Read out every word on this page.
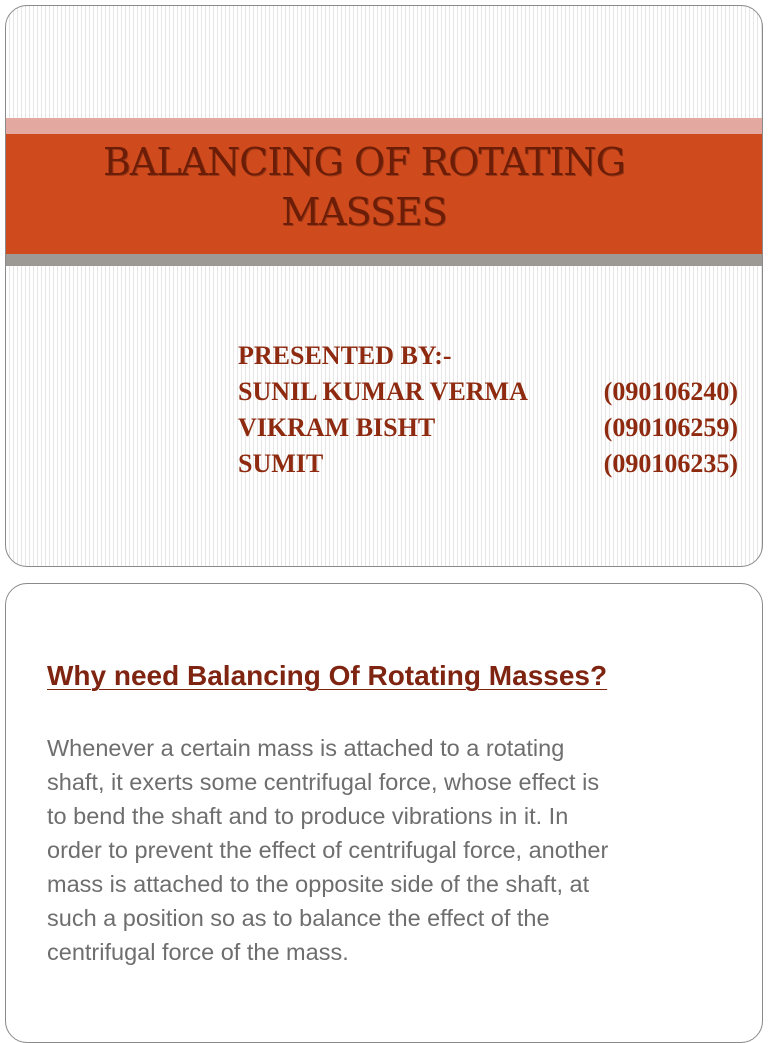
BALANCING OF ROTATING
MASSES
PRESENTED BY:-
SUNIL KUMAR VERMA	(090106240)
VIKRAM BISHT	(090106259)
SUMIT	(090106235)
Why need Balancing Of Rotating Masses?

Whenever a certain mass is attached to a rotating
shaft, it exerts some centrifugal force, whose effect is
to bend the shaft and to produce vibrations in it. In
order to prevent the effect of centrifugal force, another
mass is attached to the opposite side of the shaft, at
such a position so as to balance the effect of the
centrifugal force of the mass.
